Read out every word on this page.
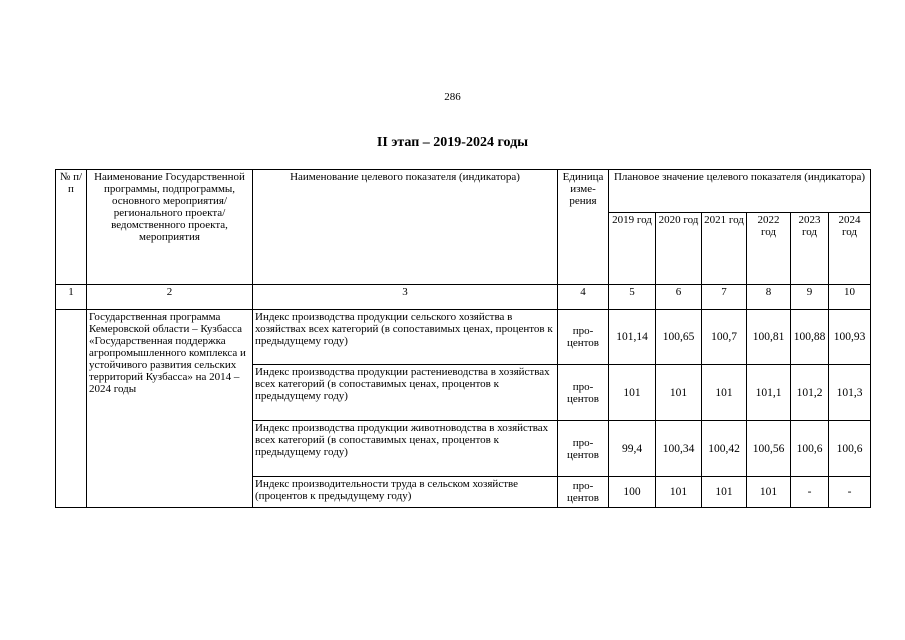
286
II этап – 2019-2024 годы
№ п/п	Наименование Государственной программы, подпрограммы, основного мероприятия/регионального проекта/ведомственного проекта, мероприятия	Наименование целевого показателя (индикатора)	Единица изме-рения	Плановое значение целевого показателя (индикатора)					
				2019 год	2020 год	2021 год	2022 год	2023 год	2024 год
1	2	3	4	5	6	7	8	9	10
	Государственная программа Кемеровской области – Кузбасса «Государственная поддержка агропромышленного комплекса и устойчивого развития сельских территорий Кузбасса» на 2014 – 2024 годы	Индекс производства продукции сельского хозяйства в хозяйствах всех категорий (в сопоставимых ценах, процентов к предыдущему году)	про-центов	101,14	100,65	100,7	100,81	100,88	100,93
		Индекс производства продукции растениеводства в хозяйствах всех категорий (в сопоставимых ценах, процентов к предыдущему году)	про-центов	101	101	101	101,1	101,2	101,3
		Индекс производства продукции животноводства в хозяйствах всех категорий (в сопоставимых ценах, процентов к предыдущему году)	про-центов	99,4	100,34	100,42	100,56	100,6	100,6
		Индекс производительности труда в сельском хозяйстве (процентов к предыдущему году)	про-центов	100	101	101	101	-	-
